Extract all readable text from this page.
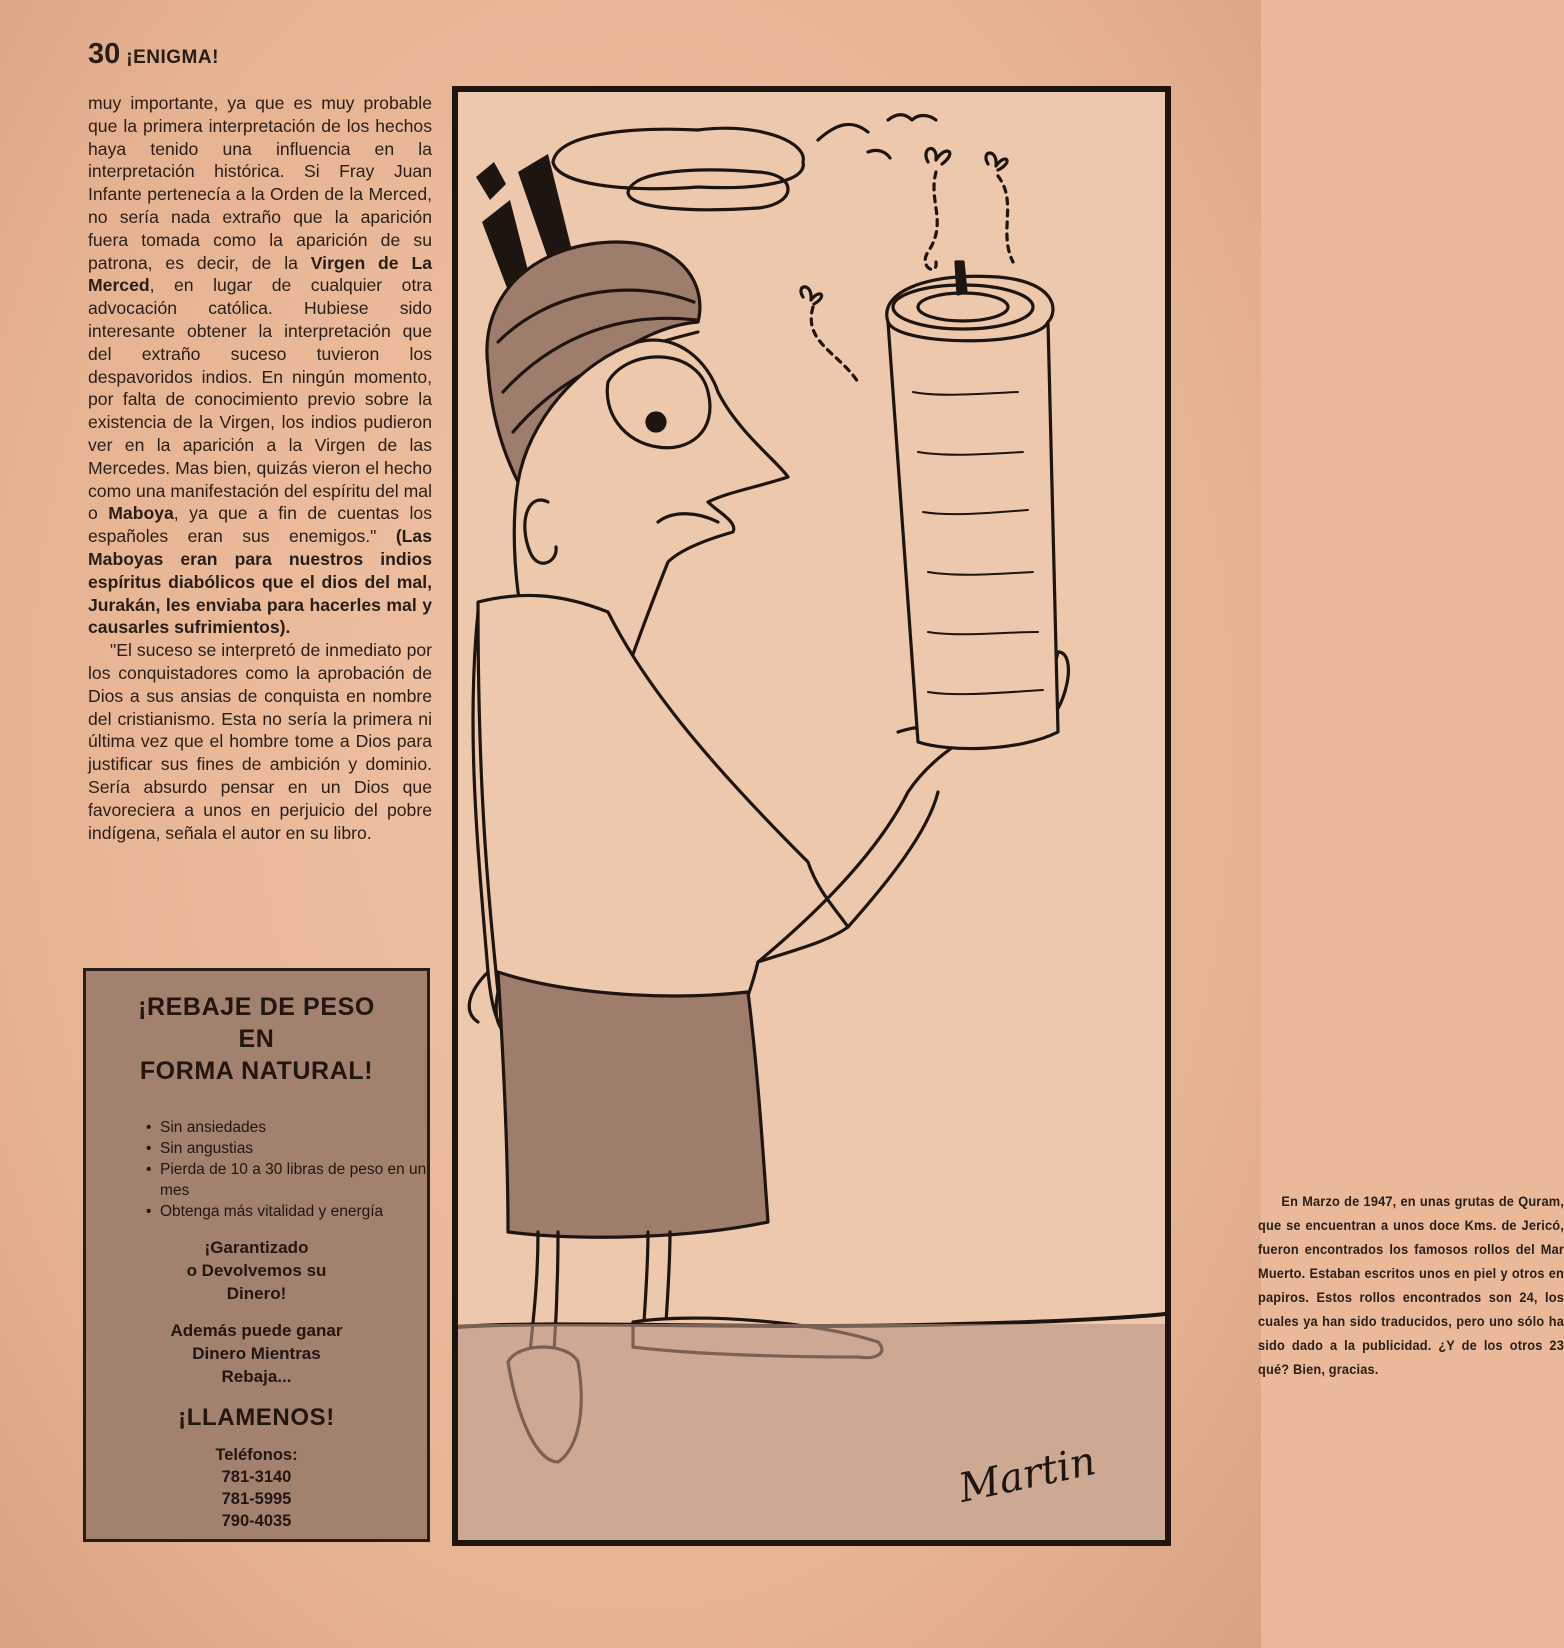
30 ¡ENIGMA!

muy importante, ya que es muy probable que la primera interpretación de los hechos haya tenido una influencia en la interpretación histórica. Si Fray Juan Infante pertenecía a la Orden de la Merced, no sería nada extraño que la aparición fuera tomada como la aparición de su patrona, es decir, de la Virgen de La Merced, en lugar de cualquier otra advocación católica. Hubiese sido interesante obtener la interpretación que del extraño suceso tuvieron los despavoridos indios. En ningún momento, por falta de conocimiento previo sobre la existencia de la Virgen, los indios pudieron ver en la aparición a la Virgen de las Mercedes. Mas bien, quizás vieron el hecho como una manifestación del espíritu del mal o Maboya, ya que a fin de cuentas los españoles eran sus enemigos." (Las Maboyas eran para nuestros indios espíritus diabólicos que el dios del mal, Jurakán, les enviaba para hacerles mal y causarles sufrimientos).

"El suceso se interpretó de inmediato por los conquistadores como la aprobación de Dios a sus ansias de conquista en nombre del cristianismo. Esta no sería la primera ni última vez que el hombre tome a Dios para justificar sus fines de ambición y dominio. Sería absurdo pensar en un Dios que favoreciera a unos en perjuicio del pobre indígena, señala el autor en su libro.

¡REBAJE DE PESO
EN
FORMA NATURAL!
• Sin ansiedades
• Sin angustias
• Pierda de 10 a 30 libras de peso en un mes
• Obtenga más vitalidad y energía
¡Garantizado
o Devolvemos su
Dinero!
Además puede ganar
Dinero Mientras
Rebaja...
¡LLAMENOS!
Teléfonos:
781-3140
781-5995
790-4035

En Marzo de 1947, en unas grutas de Quram, que se encuentran a unos doce Kms. de Jericó, fueron encontrados los famosos rollos del Mar Muerto. Estaban escritos unos en piel y otros en papiros. Estos rollos encontrados son 24, los cuales ya han sido traducidos, pero uno sólo ha sido dado a la publicidad. ¿Y de los otros 23 qué? Bien, gracias.

Martin
